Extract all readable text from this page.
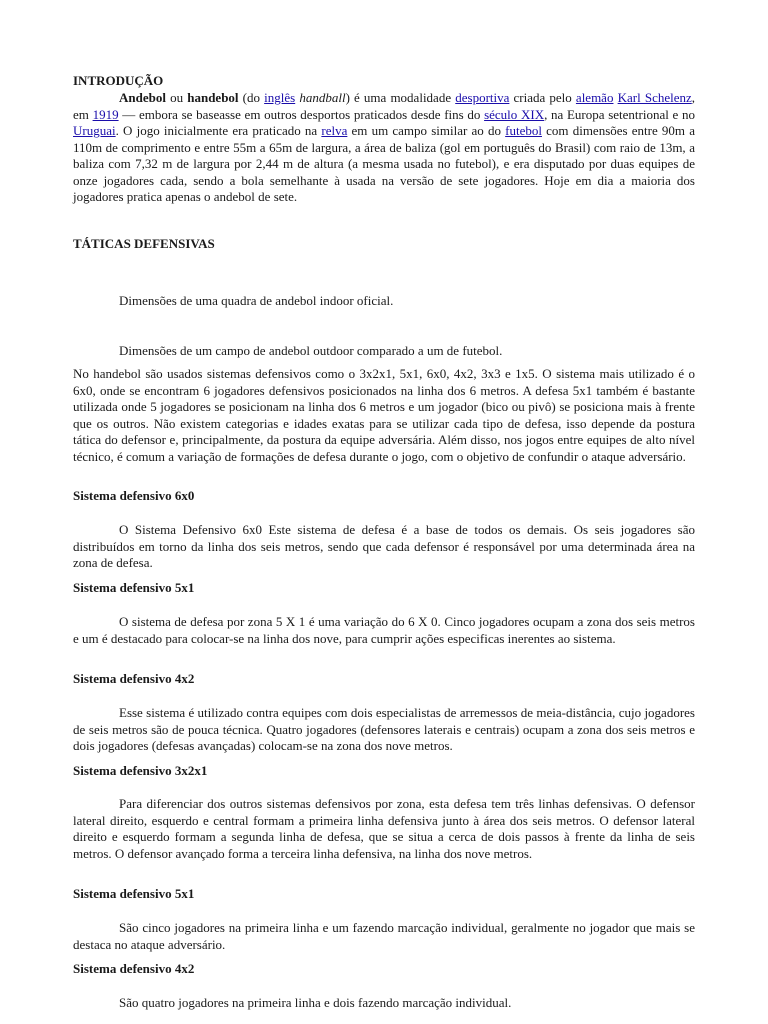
INTRODUÇÃO

Andebol ou handebol (do inglês handball) é uma modalidade desportiva criada pelo alemão Karl Schelenz, em 1919 — embora se baseasse em outros desportos praticados desde fins do século XIX, na Europa setentrional e no Uruguai. O jogo inicialmente era praticado na relva em um campo similar ao do futebol com dimensões entre 90m a 110m de comprimento e entre 55m a 65m de largura, a área de baliza (gol em português do Brasil) com raio de 13m, a baliza com 7,32 m de largura por 2,44 m de altura (a mesma usada no futebol), e era disputado por duas equipes de onze jogadores cada, sendo a bola semelhante à usada na versão de sete jogadores. Hoje em dia a maioria dos jogadores pratica apenas o andebol de sete.

TÁTICAS DEFENSIVAS

Dimensões de uma quadra de andebol indoor oficial.

Dimensões de um campo de andebol outdoor comparado a um de futebol.

No handebol são usados sistemas defensivos como o 3x2x1, 5x1, 6x0, 4x2, 3x3 e 1x5. O sistema mais utilizado é o 6x0, onde se encontram 6 jogadores defensivos posicionados na linha dos 6 metros. A defesa 5x1 também é bastante utilizada onde 5 jogadores se posicionam na linha dos 6 metros e um jogador (bico ou pivô) se posiciona mais à frente que os outros. Não existem categorias e idades exatas para se utilizar cada tipo de defesa, isso depende da postura tática do defensor e, principalmente, da postura da equipe adversária. Além disso, nos jogos entre equipes de alto nível técnico, é comum a variação de formações de defesa durante o jogo, com o objetivo de confundir o ataque adversário.

Sistema defensivo 6x0

O Sistema Defensivo 6x0 Este sistema de defesa é a base de todos os demais. Os seis jogadores são distribuídos em torno da linha dos seis metros, sendo que cada defensor é responsável por uma determinada área na zona de defesa.

Sistema defensivo 5x1

O sistema de defesa por zona 5 X 1 é uma variação do 6 X 0. Cinco jogadores ocupam a zona dos seis metros e um é destacado para colocar-se na linha dos nove, para cumprir ações especificas inerentes ao sistema.

Sistema defensivo 4x2

Esse sistema é utilizado contra equipes com dois especialistas de arremessos de meia-distância, cujo jogadores de seis metros são de pouca técnica. Quatro jogadores (defensores laterais e centrais) ocupam a zona dos seis metros e dois jogadores (defesas avançadas) colocam-se na zona dos nove metros.

Sistema defensivo 3x2x1

Para diferenciar dos outros sistemas defensivos por zona, esta defesa tem três linhas defensivas. O defensor lateral direito, esquerdo e central formam a primeira linha defensiva junto à área dos seis metros. O defensor lateral direito e esquerdo formam a segunda linha de defesa, que se situa a cerca de dois passos à frente da linha de seis metros. O defensor avançado forma a terceira linha defensiva, na linha dos nove metros.

Sistema defensivo 5x1

São cinco jogadores na primeira linha e um fazendo marcação individual, geralmente no jogador que mais se destaca no ataque adversário.

Sistema defensivo 4x2

São quatro jogadores na primeira linha e dois fazendo marcação individual.
